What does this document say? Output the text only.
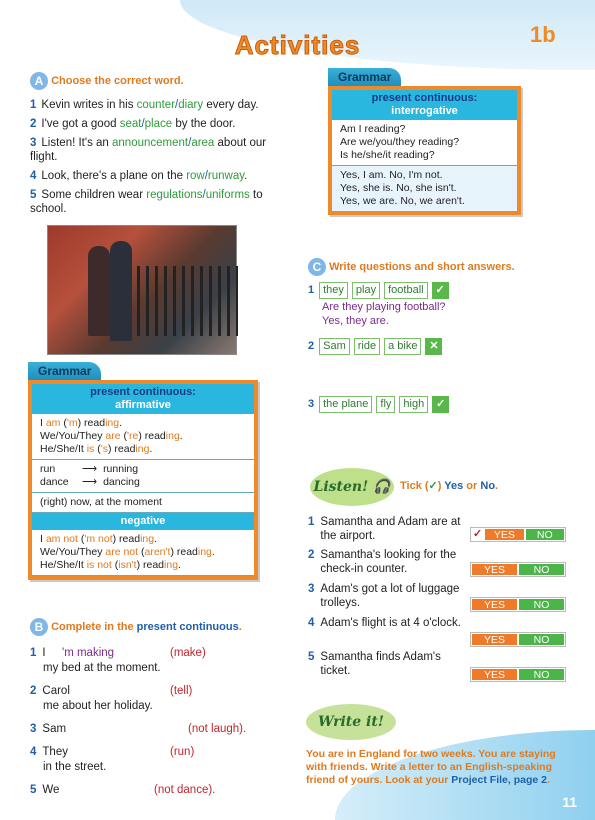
Activities	1b
A Choose the correct word.
1 Kevin writes in his counter/diary every day.
2 I've got a good seat/place by the door.
3 Listen! It's an announcement/area about our flight.
4 Look, there's a plane on the row/runway.
5 Some children wear regulations/uniforms to school.
Grammar
present continuous:
affirmative
I am ('m) reading.
We/You/They are ('re) reading.
He/She/It is ('s) reading.
run	⟶ running
dance	⟶ dancing
(right) now, at the moment
negative
I am not ('m not) reading.
We/You/They are not (aren't) reading.
He/She/It is not (isn't) reading.
B Complete in the present continuous.
1 I 'm making	(make)
my bed at the moment.
2 Carol	(tell)
me about her holiday.
3 Sam	(not laugh).
4 They	(run)
in the street.
5 We	(not dance).
Grammar
present continuous:
interrogative
Am I reading?
Are we/you/they reading?
Is he/she/it reading?
Yes, I am. No, I'm not.
Yes, she is. No, she isn't.
Yes, we are. No, we aren't.
C Write questions and short answers.
1 they play football ✓
Are they playing football?
Yes, they are.
2 Sam ride a bike ✕
3 the plane fly high ✓
Listen! 🎧 Tick (✓) Yes or No.
1 Samantha and Adam are at the airport.	✓	YES	NO
2 Samantha's looking for the check-in counter.	YES	NO
3 Adam's got a lot of luggage trolleys.	YES	NO
4 Adam's flight is at 4 o'clock.
YES	NO
5 Samantha finds Adam's ticket.	YES	NO
Write it!
You are in England for two weeks. You are staying with friends. Write a letter to an English-speaking friend of yours. Look at your Project File, page 2.
11
